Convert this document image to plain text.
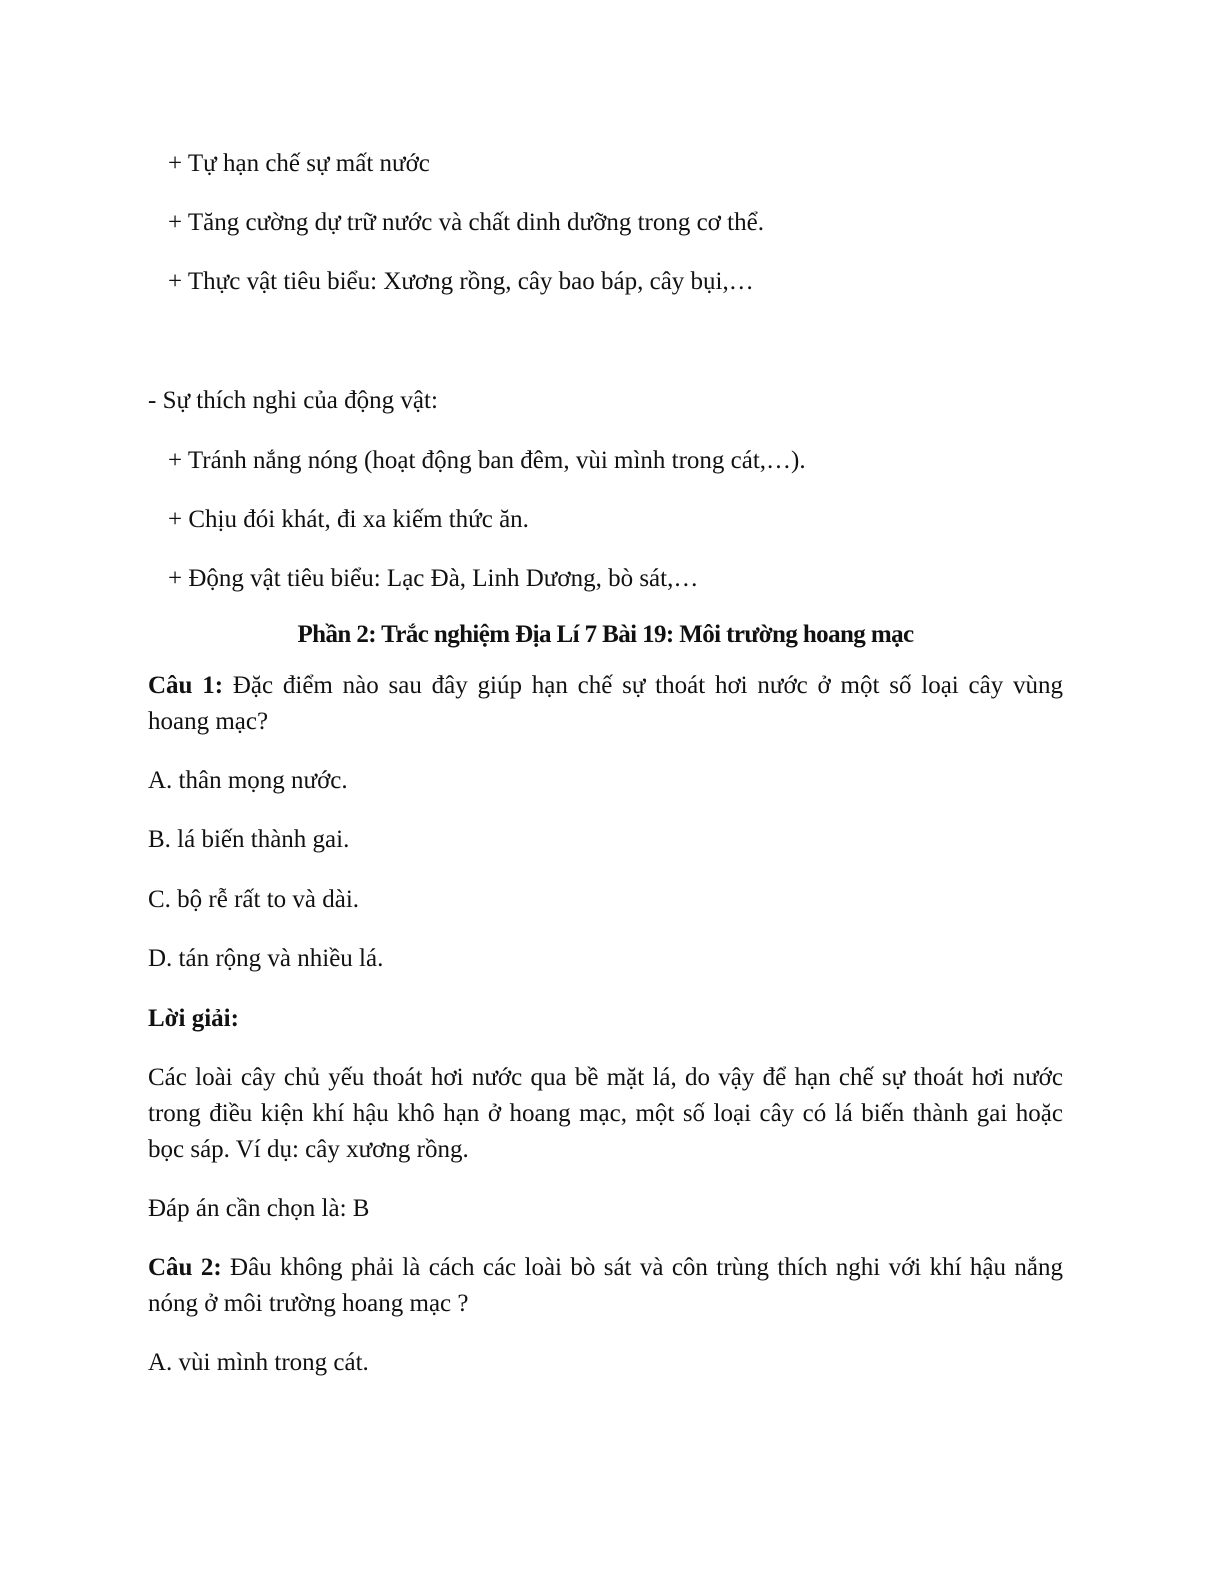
+ Tự hạn chế sự mất nước
+ Tăng cường dự trữ nước và chất dinh dưỡng trong cơ thể.
+ Thực vật tiêu biểu: Xương rồng, cây bao báp, cây bụi,…
- Sự thích nghi của động vật:
+ Tránh nắng nóng (hoạt động ban đêm, vùi mình trong cát,…).
+ Chịu đói khát, đi xa kiếm thức ăn.
+ Động vật tiêu biểu: Lạc Đà, Linh Dương, bò sát,…
Phần 2: Trắc nghiệm Địa Lí 7 Bài 19: Môi trường hoang mạc
Câu 1: Đặc điểm nào sau đây giúp hạn chế sự thoát hơi nước ở một số loại cây vùng hoang mạc?
A. thân mọng nước.
B. lá biến thành gai.
C. bộ rễ rất to và dài.
D. tán rộng và nhiều lá.
Lời giải:
Các loài cây chủ yếu thoát hơi nước qua bề mặt lá, do vậy để hạn chế sự thoát hơi nước trong điều kiện khí hậu khô hạn ở hoang mạc, một số loại cây có lá biến thành gai hoặc bọc sáp. Ví dụ: cây xương rồng.
Đáp án cần chọn là: B
Câu 2: Đâu không phải là cách các loài bò sát và côn trùng thích nghi với khí hậu nắng nóng ở môi trường hoang mạc ?
A. vùi mình trong cát.
